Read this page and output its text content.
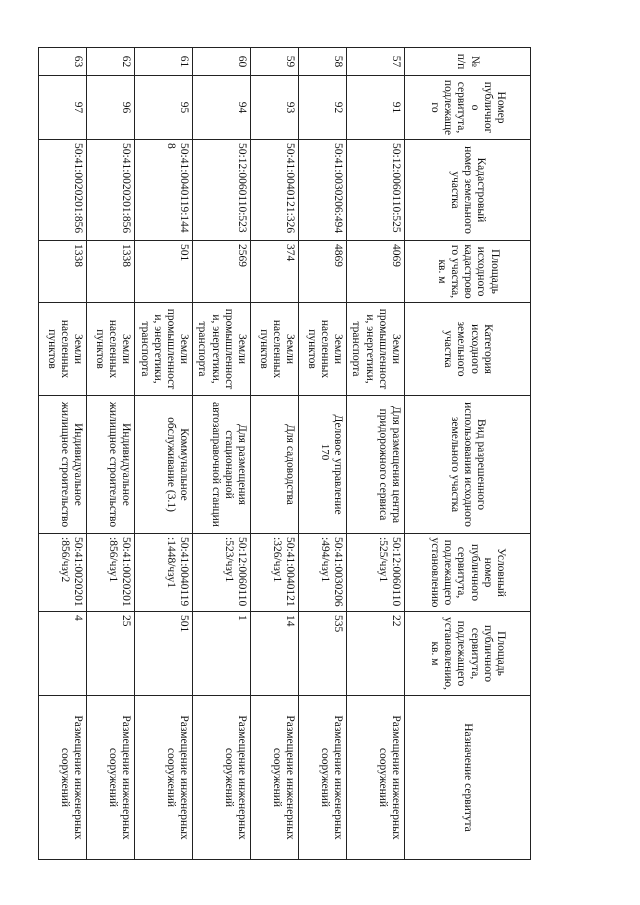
170
№ п/п	Номер публичного сервитута, подлежащего	Кадастровый номер земельного участка	Площадь исходного кадастрового участка, кв. м	Категория исходного земельного участка	Вид разрешенного использования исходного земельного участка	Условный номер публичного сервитута, подлежащего установлению	Площадь публичного сервитута, подлежащего установлению, кв. м	Назначение сервитута
57	91	50:12:0060110:525	4069	Земли промышленности, энергетики, транспорта	Для размещения центра придорожного сервиса	50:12:0060110:525/чзу1	22	Размещение инженерных сооружений
58	92	50:41:0030206:494	4869	Земли населенных пунктов	Деловое управление	50:41:0030206:494/чзу1	535	Размещение инженерных сооружений
59	93	50:41:0040121:326	374	Земли населенных пунктов	Для садоводства	50:41:0040121:326/чзу1	14	Размещение инженерных сооружений
60	94	50:12:0060110:523	2569	Земли промышленности, энергетики, транспорта	Для размещения стационарной автозаправочной станции	50:12:0060110:523/чзу1	1	Размещение инженерных сооружений
61	95	50:41:0040119:1448	501	Земли промышленности, энергетики, транспорта	Коммунальное обслуживание (3.1)	50:41:0040119:1448/чзу1	501	Размещение инженерных сооружений
62	96	50:41:0020201:856	1338	Земли населенных пунктов	Индивидуальное жилищное строительство	50:41:0020201:856/чзу1	25	Размещение инженерных сооружений
63	97	50:41:0020201:856	1338	Земли населенных пунктов	Индивидуальное жилищное строительство	50:41:0020201:856/чзу2	4	Размещение инженерных сооружений
